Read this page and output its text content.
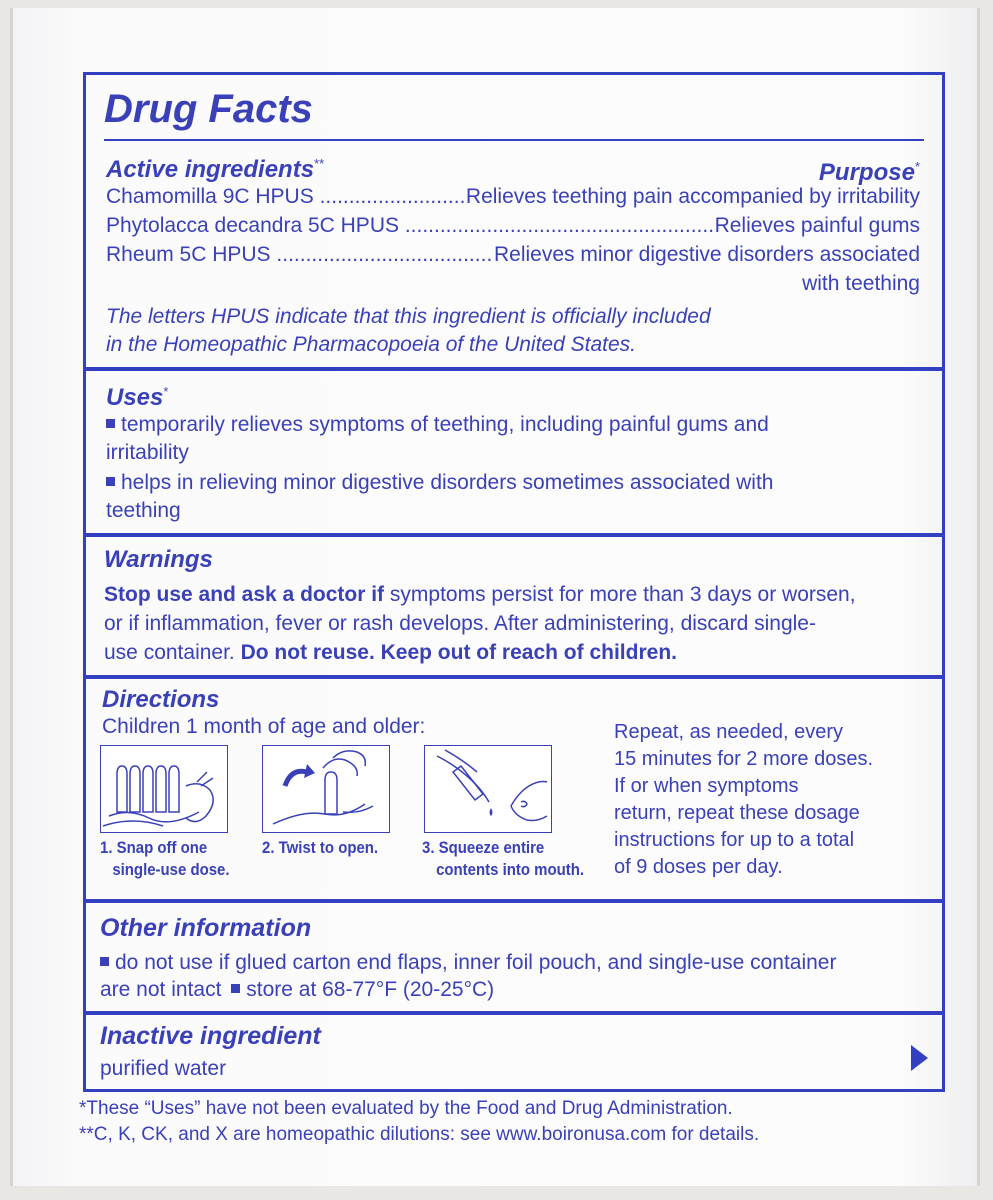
Drug Facts
Active ingredients**	Purpose*
Chamomilla 9C HPUS .....	Relieves teething pain accompanied by irritability
Phytolacca decandra 5C HPUS .....	Relieves painful gums
Rheum 5C HPUS .....	Relieves minor digestive disorders associated
with teething
The letters HPUS indicate that this ingredient is officially included
in the Homeopathic Pharmacopoeia of the United States.
Uses*
temporarily relieves symptoms of teething, including painful gums and
irritability
helps in relieving minor digestive disorders sometimes associated with
teething
Warnings
Stop use and ask a doctor if symptoms persist for more than 3 days or worsen,
or if inflammation, fever or rash develops. After administering, discard single-
use container. Do not reuse. Keep out of reach of children.
Directions
Children 1 month of age and older:
1. Snap off one
single-use dose.
2. Twist to open.	3. Squeeze entire
contents into mouth.
Repeat, as needed, every
15 minutes for 2 more doses.
If or when symptoms
return, repeat these dosage
instructions for up to a total
of 9 doses per day.
Other information
do not use if glued carton end flaps, inner foil pouch, and single-use container
are not intact store at 68-77°F (20-25°C)
Inactive ingredient
purified water
*These “Uses” have not been evaluated by the Food and Drug Administration.
**C, K, CK, and X are homeopathic dilutions: see www.boironusa.com for details.
